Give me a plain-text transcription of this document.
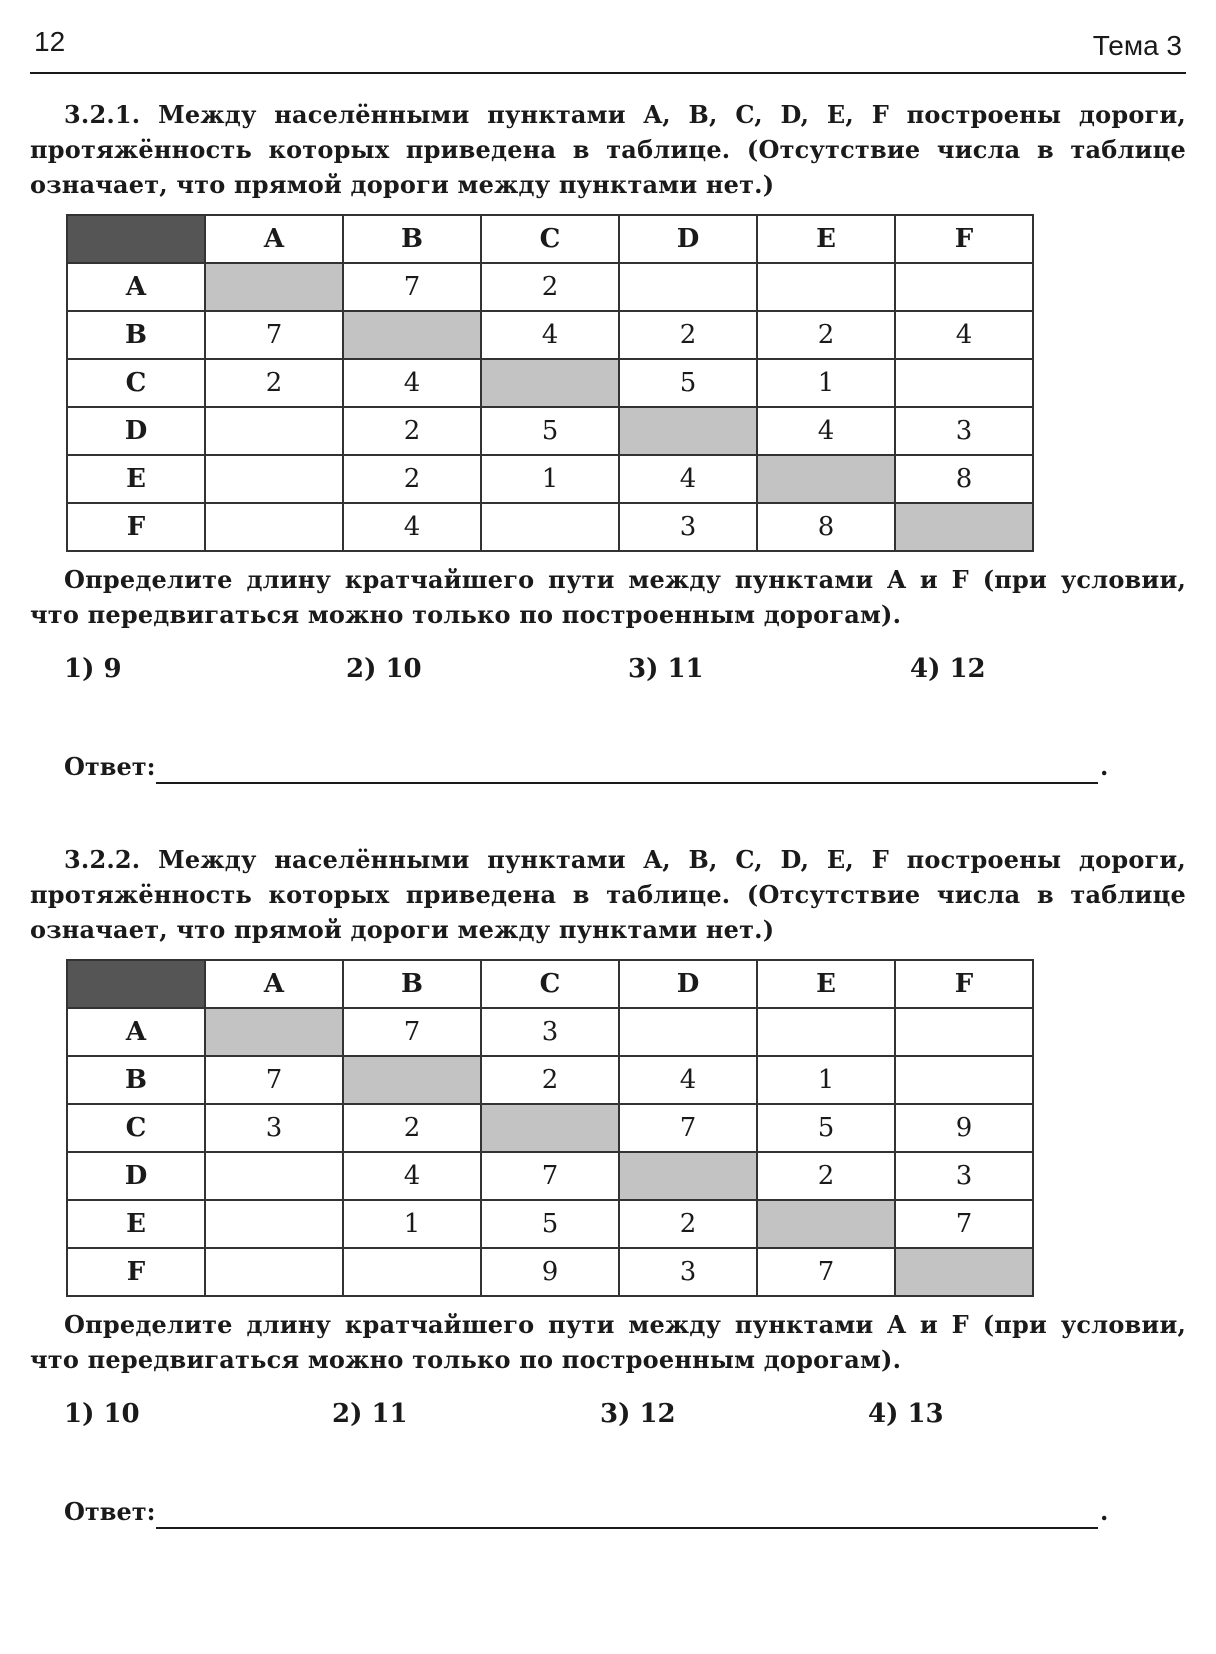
12	Тема 3

3.2.1. Между населёнными пунктами A, B, C, D, E, F построены дороги, протяжённость которых приведена в таблице. (Отсутствие числа в таблице означает, что прямой дороги между пунктами нет.)

	A	B	C	D	E	F
A		7	2			
B	7		4	2	2	4
C	2	4		5	1	
D		2	5		4	3
E		2	1	4		8
F		4		3	8	

Определите длину кратчайшего пути между пунктами A и F (при условии, что передвигаться можно только по построенным дорогам).

1) 9	2) 10	3) 11	4) 12
Ответ:	.

3.2.2. Между населёнными пунктами A, B, C, D, E, F построены дороги, протяжённость которых приведена в таблице. (Отсутствие числа в таблице означает, что прямой дороги между пунктами нет.)

	A	B	C	D	E	F
A		7	3			
B	7		2	4	1	
C	3	2		7	5	9
D		4	7		2	3
E		1	5	2		7
F			9	3	7	

Определите длину кратчайшего пути между пунктами A и F (при условии, что передвигаться можно только по построенным дорогам).

1) 10	2) 11	3) 12	4) 13
Ответ:	.
